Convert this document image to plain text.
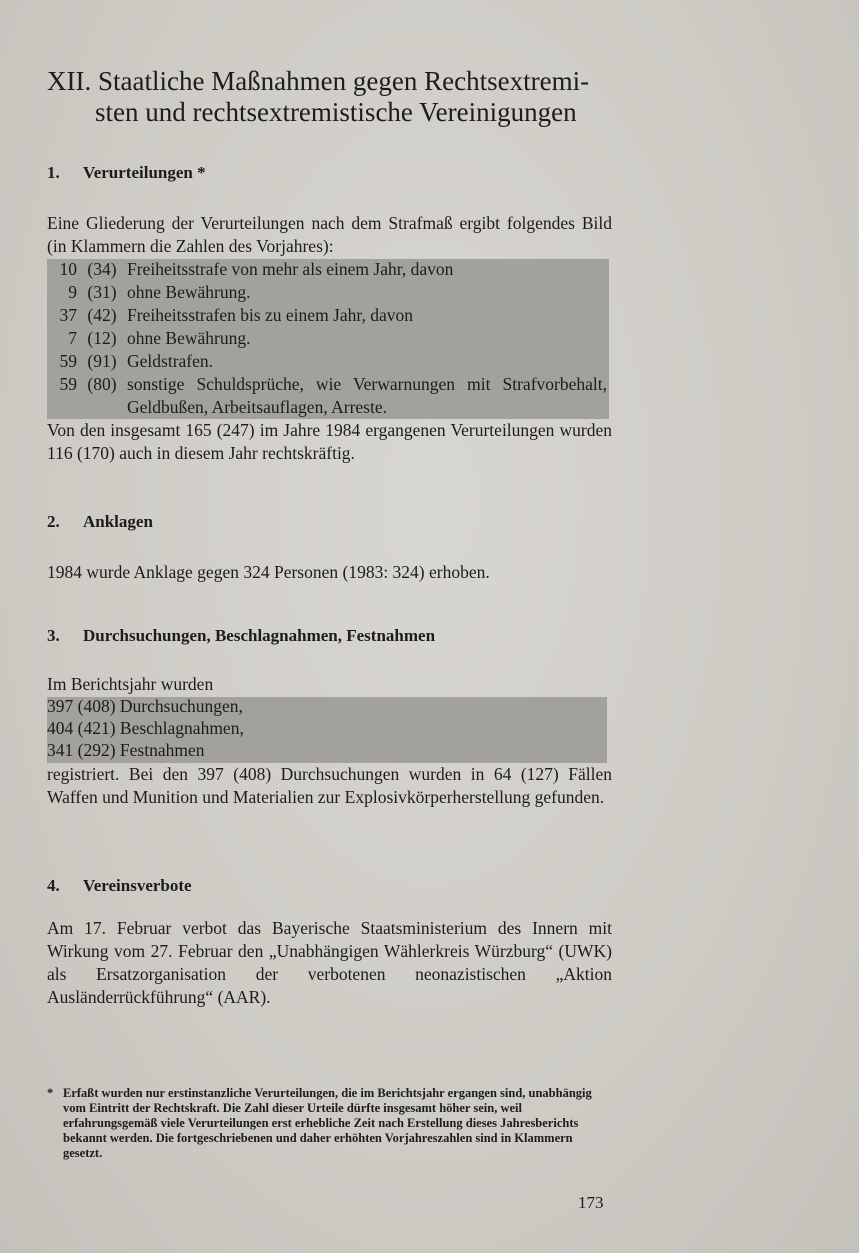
XII. Staatliche Maßnahmen gegen Rechtsextremi-
sten und rechtsextremistische Vereinigungen
1. Verurteilungen *

Eine Gliederung der Verurteilungen nach dem Strafmaß ergibt folgendes Bild (in Klammern die Zahlen des Vorjahres):

10 (34) Freiheitsstrafe von mehr als einem Jahr, davon
9 (31) ohne Bewährung.
37 (42) Freiheitsstrafen bis zu einem Jahr, davon
7 (12) ohne Bewährung.
59 (91) Geldstrafen.
59 (80) sonstige Schuldsprüche, wie Verwarnungen mit Strafvorbehalt, Geldbußen, Arbeitsauflagen, Arreste.

Von den insgesamt 165 (247) im Jahre 1984 ergangenen Verurteilungen wurden 116 (170) auch in diesem Jahr rechtskräftig.

2. Anklagen

1984 wurde Anklage gegen 324 Personen (1983: 324) erhoben.

3. Durchsuchungen, Beschlagnahmen, Festnahmen
Im Berichtsjahr wurden
397 (408) Durchsuchungen,
404 (421) Beschlagnahmen,
341 (292) Festnahmen

registriert. Bei den 397 (408) Durchsuchungen wurden in 64 (127) Fällen Waffen und Munition und Materialien zur Explosivkörperherstellung gefunden.

4. Vereinsverbote

Am 17. Februar verbot das Bayerische Staatsministerium des Innern mit Wirkung vom 27. Februar den „Unabhängigen Wählerkreis Würzburg“ (UWK) als Ersatzorganisation der verbotenen neonazistischen „Aktion Ausländerrückführung“ (AAR).

* Erfaßt wurden nur erstinstanzliche Verurteilungen, die im Berichtsjahr ergangen sind, unabhängig vom Eintritt der Rechtskraft. Die Zahl dieser Urteile dürfte insgesamt höher sein, weil erfahrungsgemäß viele Verurteilungen erst erhebliche Zeit nach Erstellung dieses Jahresberichts bekannt werden. Die fortgeschriebenen und daher erhöhten Vorjahreszahlen sind in Klammern gesetzt.
173
